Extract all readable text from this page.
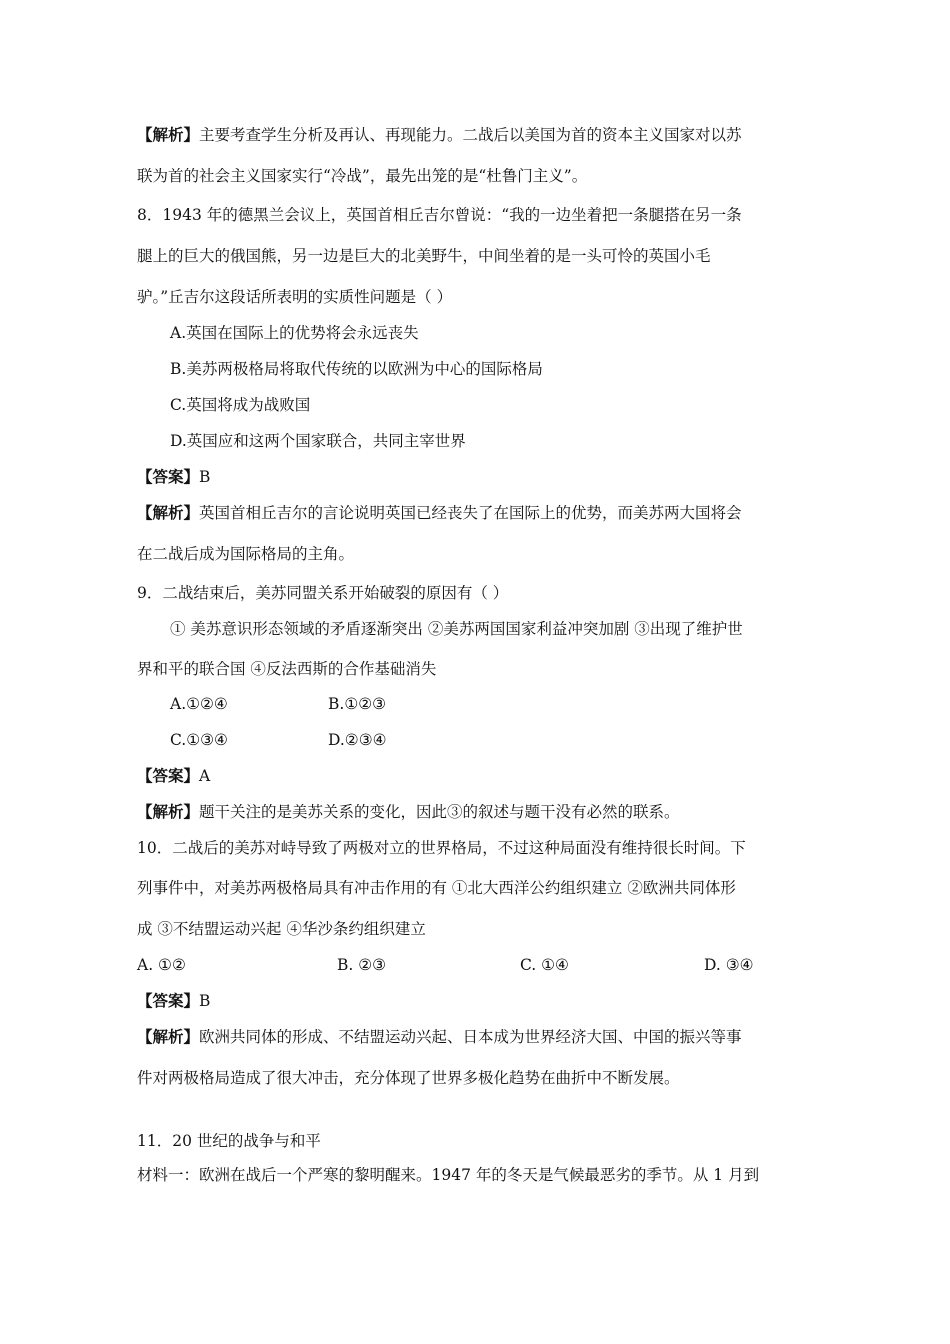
【解析】主要考查学生分析及再认、再现能力。二战后以美国为首的资本主义国家对以苏
联为首的社会主义国家实行“冷战”，最先出笼的是“杜鲁门主义”。
8．1943 年的德黑兰会议上，英国首相丘吉尔曾说：“我的一边坐着把一条腿搭在另一条
腿上的巨大的俄国熊，另一边是巨大的北美野牛，中间坐着的是一头可怜的英国小毛
驴。”丘吉尔这段话所表明的实质性问题是（ ）
A.英国在国际上的优势将会永远丧失
B.美苏两极格局将取代传统的以欧洲为中心的国际格局
C.英国将成为战败国
D.英国应和这两个国家联合，共同主宰世界
【答案】B
【解析】英国首相丘吉尔的言论说明英国已经丧失了在国际上的优势，而美苏两大国将会
在二战后成为国际格局的主角。
9．二战结束后，美苏同盟关系开始破裂的原因有（ ）
① 美苏意识形态领域的矛盾逐渐突出 ②美苏两国国家利益冲突加剧 ③出现了维护世
界和平的联合国 ④反法西斯的合作基础消失
A.①②④	B.①②③
C.①③④	D.②③④
【答案】A
【解析】题干关注的是美苏关系的变化，因此③的叙述与题干没有必然的联系。
10．二战后的美苏对峙导致了两极对立的世界格局，不过这种局面没有维持很长时间。下
列事件中，对美苏两极格局具有冲击作用的有 ①北大西洋公约组织建立 ②欧洲共同体形
成 ③不结盟运动兴起 ④华沙条约组织建立
A. ①②	B. ②③	C. ①④	D. ③④
【答案】B
【解析】欧洲共同体的形成、不结盟运动兴起、日本成为世界经济大国、中国的振兴等事
件对两极格局造成了很大冲击，充分体现了世界多极化趋势在曲折中不断发展。
11．20 世纪的战争与和平
材料一：欧洲在战后一个严寒的黎明醒来。1947 年的冬天是气候最恶劣的季节。从 1 月到
